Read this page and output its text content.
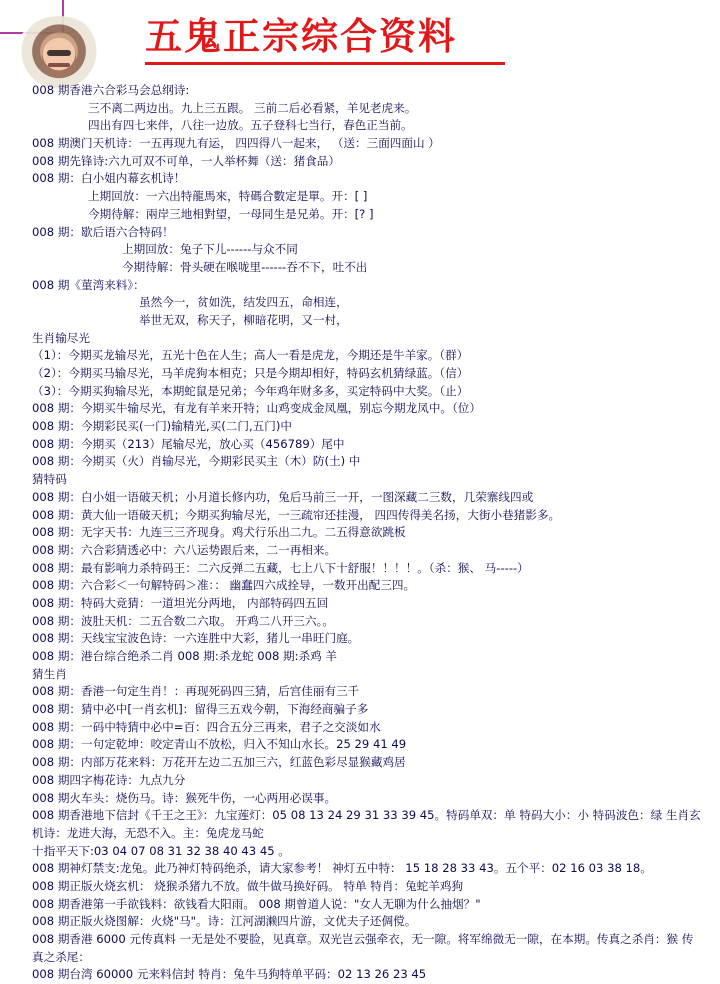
五鬼正宗综合资料
008 期香港六合彩马会总纲诗:
三不离二两边出。九上三五跟。 三前二后必看紧，羊见老虎来。
四出有四七来伴，八往一边放。五子登科七当行，春色正当前。
008 期澳门天机诗：一五再现九有运， 四四得八一起来， （送：三面四面山 ）
008 期先锋诗:六九可双不可单，一人举杯舞（送：猪食品）
008 期：白小姐内幕玄机诗！
上期回放：一六出特龍馬來，特碼合數定是單。开：[ ]
今期待解：兩岸三地相對望，一母同生是兄弟。开：[? ]
008 期：歇后语六合特码！
上期回放：兔子下儿------与众不同
今期待解：骨头硬在喉咙里------吞不下，吐不出
008 期《菫湾来料》：
虽然今一，贫如洗，结发四五，命相连，
举世无双，称天子，柳暗花明，又一村，
生肖输尽光
（1）：今期买龙输尽光，五光十色在人生；高人一看是虎龙，今期还是牛羊家。（群）
（2）：今期买马输尽光，马羊虎狗本相克；只是今期却相好，特码玄机猜绿蓝。（信）
（3）：今期买狗输尽光，本期蛇鼠是兄弟；今年鸡年财多多，买定特码中大奖。（止）
008 期：今期买牛输尽光，有龙有羊来开特；山鸡变成金凤凰，别忘今期龙凤中。（位）
008 期：今期彩民买(一门)输精光,买(二门,五门)中
008 期：今期买（213）尾输尽光，放心买（456789）尾中
008 期：今期买（火）肖输尽光，今期彩民买主（木）防(土) 中
猜特码
008 期：白小姐一语破天机；小月道长修内功，兔后马前三一开，一图深藏二三数，几荣寨线四或
008 期：黄大仙一语破天机；今期买狗输尽光，一三疏帘还挂漫， 四四传得美名扬，大街小巷猪影多。
008 期：无字天书：九连三三齐现身。鸡犬行乐出二九。二五得意欲跳板
008 期：六合彩猜透必中：六八运势跟后来，二一再相来。
008 期：最有影响力杀特码王：二六反弹二五藏，七上八下十舒服！！！！。（杀：猴、 马-----）
008 期：六合彩＜一句解特码＞准：： 幽蠢四六成拴导，一数开出配三四。
008 期：特码大竞猜：一道坦光分两地， 内部特码四五回
008 期：波肚天机：二五合数二六取。 开鸡二八开三六。。
008 期：天线宝宝波色诗：一六连胜中大彩，猪儿一串旺门庭。
008 期：港台综合绝杀二肖 008 期:杀龙蛇 008 期:杀鸡 羊
猜生肖
008 期：香港一句定生肖！：再现死码四三猜，后宫佳丽有三千
008 期：猜中必中[一肖玄机]：留得三五戏今朝，下海经商骗子多
008 期：一码中特猜中必中=百：四合五分三再来，君子之交淡如水
008 期：一句定乾坤：咬定青山不放松，归入不知山水长。25 29 41 49
008 期：内部万花来料：万花开左边二五加三六，红蓝色彩尽显猴藏鸡居
008 期四字梅花诗：九点九分
008 期火车头：烧伤马。诗：猴死牛伤，一心两用必误事。
008 期香港地下信封《千王之王》：九宝莲灯：05 08 13 24 29 31 33 39 45。特码单双：单 特码大小：小 特码波色：绿 生肖玄机诗：龙进大海，无恐不入。主：兔虎龙马蛇
十指平天下:03 04 07 08 31 32 38 40 43 45 。
008 期神灯禁支:龙兔。此乃神灯特码绝杀，请大家参考！ 神灯五中特： 15 18 28 33 43。五个平：02 16 03 38 18。
008 期正版火烧玄机： 烧猴杀猪九不放。做牛做马换好码。 特单 特肖：兔蛇羊鸡狗
008 期香港第一手欲钱料：欲钱看大阳雨。 008 期曾道人说："女人无聊为什么抽烟？"
008 期正版火烧图解：火烧"马"。诗：江河湖濑四片游，文优夫子还倜傥。
008 期香港 6000 元传真料 一无是处不要脸，见真章。双光岂云强牵衣，无一隙。将军绵微无一隙，在本期。传真之杀肖：猴 传真之杀尾：
008 期台湾 60000 元来料信封 特肖：兔牛马狗特单平码：02 13 26 23 45
